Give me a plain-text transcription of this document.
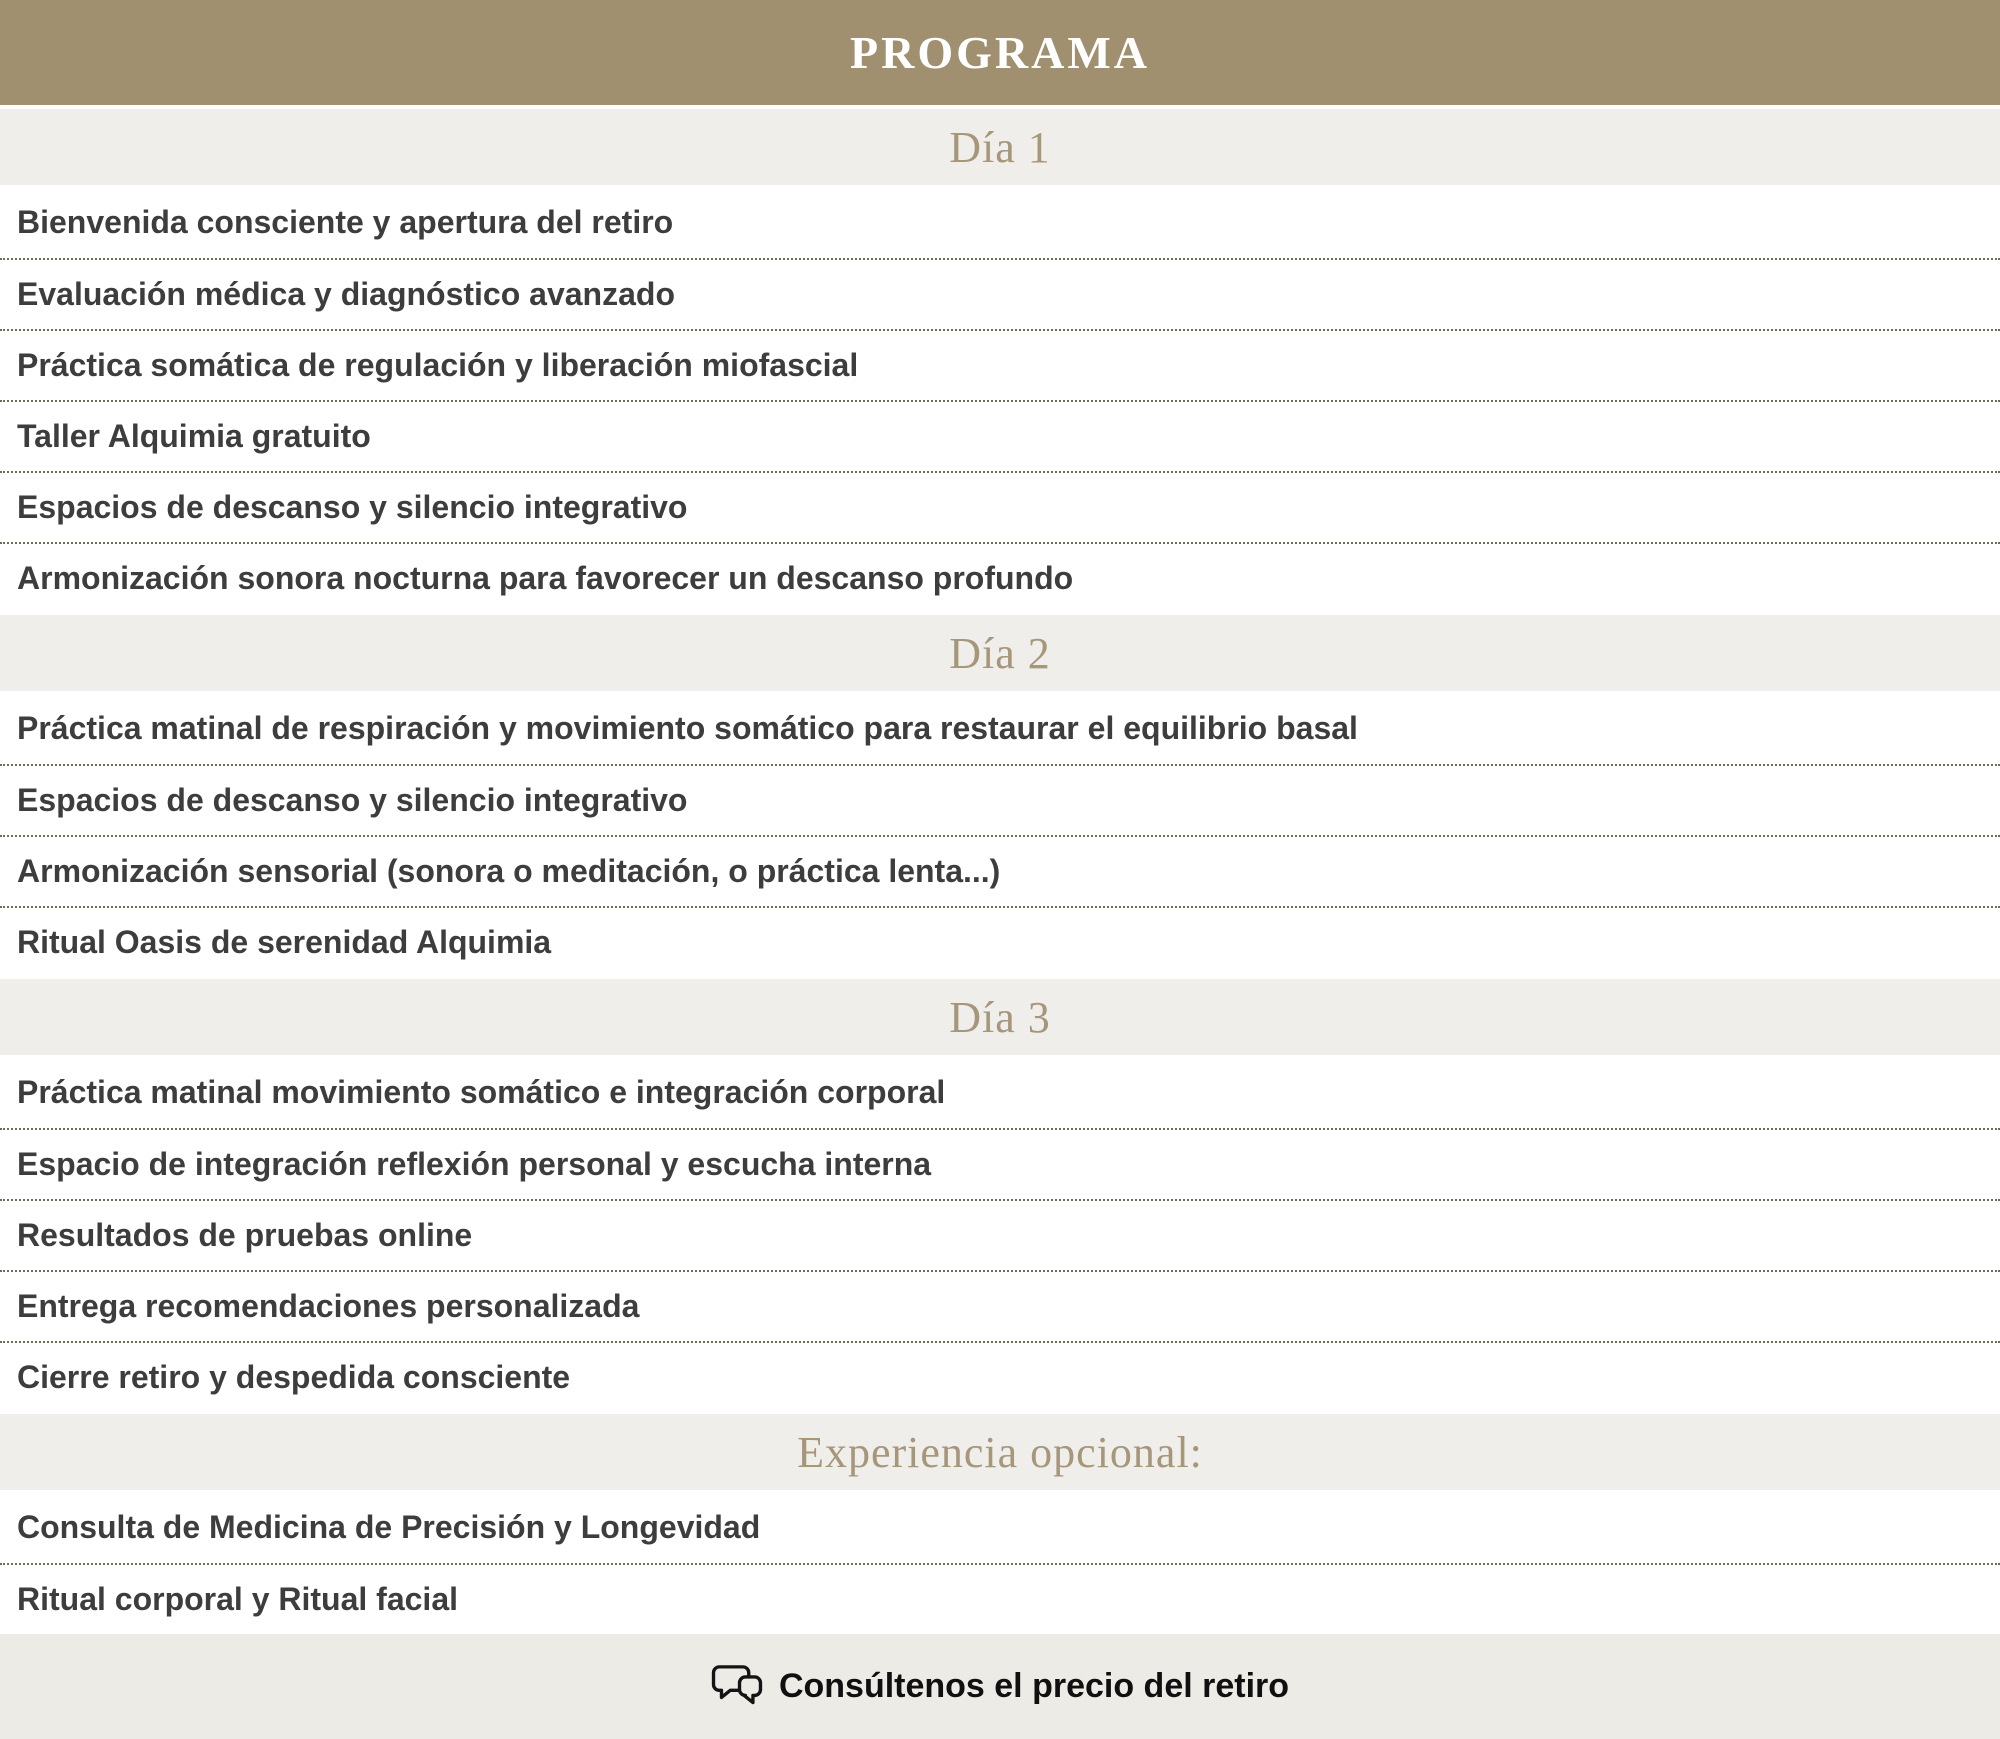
PROGRAMA
Día 1
Bienvenida consciente y apertura del retiro
Evaluación médica y diagnóstico avanzado
Práctica somática de regulación y liberación miofascial
Taller Alquimia gratuito
Espacios de descanso y silencio integrativo
Armonización sonora nocturna para favorecer un descanso profundo
Día 2
Práctica matinal de respiración y movimiento somático para restaurar el equilibrio basal
Espacios de descanso y silencio integrativo
Armonización sensorial (sonora o meditación, o práctica lenta...)
Ritual Oasis de serenidad Alquimia
Día 3
Práctica matinal movimiento somático e integración corporal
Espacio de integración reflexión personal y escucha interna
Resultados de pruebas online
Entrega recomendaciones personalizada
Cierre retiro y despedida consciente
Experiencia opcional:
Consulta de Medicina de Precisión y Longevidad
Ritual corporal y Ritual facial
Consúltenos el precio del retiro
